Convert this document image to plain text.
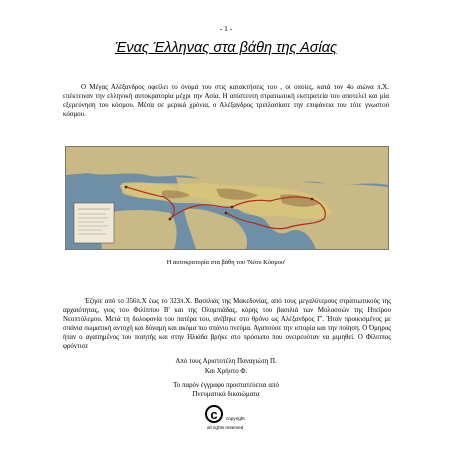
- 1 -
Ένας Έλληνας στα βάθη της Ασίας

Ο Μέγας Αλέξανδρος οφείλει το όνομά του στις κατακτήσεις του , οι οποίες, κατά τον 4ο αιώνα π.Χ. επέκτειναν την ελληνική αυτοκρατορία μέχρι την Ασία. Η απίστευτη στρατιωτική εκστρατεία του αποτελεί και μία εξερεύνηση του κόσμου. Μέσα σε μερικά χρόνια, ο Αλέξανδρος τριπλασίασε την επιφάνεια του τότε γνωστού κόσμου.

Η αυτοκρατορία στα βάθη του 'Νέου Κόσμου'

Έζησε από το 356π.Χ έως το 323π.Χ. Βασιλιάς της Μακεδονίας, από τους μεγαλύτερους στρατιωτικούς της αρχαιότητας, γιος του Φιλίππου Β' και της Ολυμπιάδας, κόρης του βασιλιά των Μολοσσών της Ηπείρου Νεοπτόλεμου. Μετά τη δολοφονία του πατέρα του, ανέβηκε στο θρόνο ως Αλέξανδρος Γ'. Ήταν προικισμένος με σπάνια σωματική αντοχή και δύναμη και ακόμα πιο σπάνιο πνεύμα. Αγαπούσε την ιστορία και την ποίηση. Ο Όμηρος ήταν ο αγαπημένος του ποιητής και στην Ηλιάδα βρήκε στο πρόσωπο που ονειρευόταν να μιμηθεί. Ο Φίλιππος φρόντισε

Από τους Αριστοτέλη Παναγιώτη Π.
Και Χρήστο Φ.
Το παρόν έγγραφο προστατεύεται από
Πνευματικά δικαιώματα
c	copyright
all rights reserved
